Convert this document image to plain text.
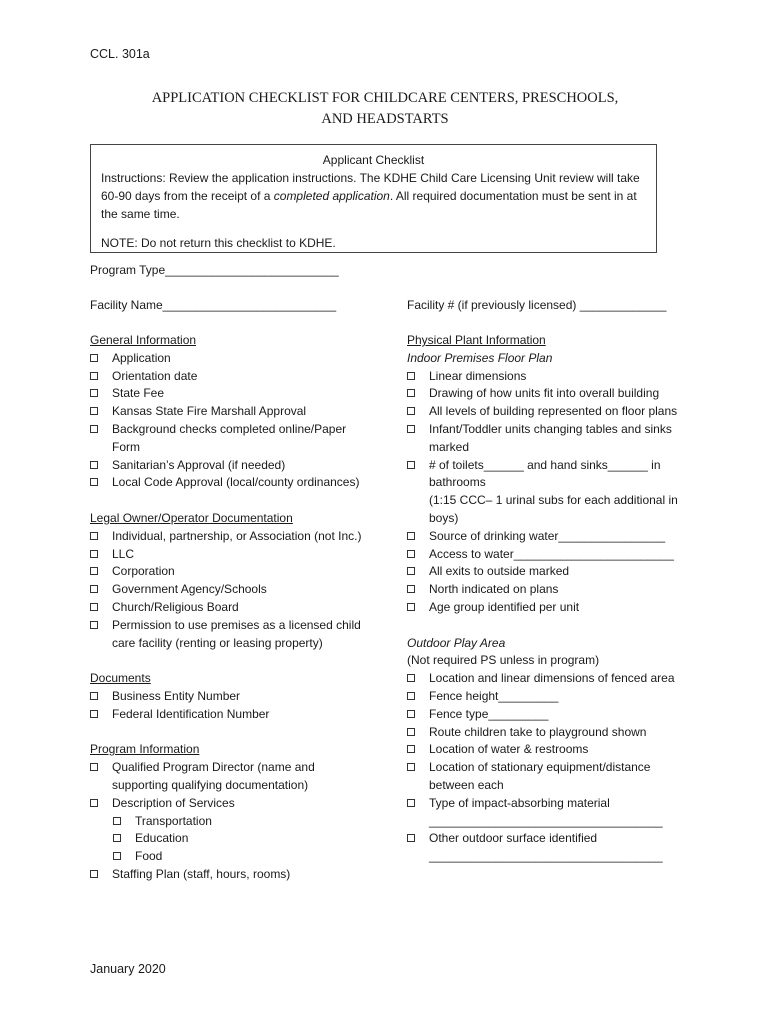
CCL. 301a
APPLICATION CHECKLIST FOR CHILDCARE CENTERS, PRESCHOOLS,
AND HEADSTARTS
Applicant Checklist
Instructions: Review the application instructions. The KDHE Child Care Licensing Unit review will take 60-90 days from the receipt of a completed application. All required documentation must be sent in at the same time.
NOTE: Do not return this checklist to KDHE.
Program Type__________________________
Facility Name__________________________	Facility # (if previously licensed) _____________
General Information
Application
Orientation date
State Fee
Kansas State Fire Marshall Approval
Background checks completed online/Paper Form
Sanitarian’s Approval (if needed)
Local Code Approval (local/county ordinances)
Legal Owner/Operator Documentation
Individual, partnership, or Association (not Inc.)
LLC
Corporation
Government Agency/Schools
Church/Religious Board
Permission to use premises as a licensed child care facility (renting or leasing property)
Documents
Business Entity Number
Federal Identification Number
Program Information
Qualified Program Director (name and supporting qualifying documentation)
Description of Services
Transportation
Education
Food
Staffing Plan (staff, hours, rooms)
Physical Plant Information
Indoor Premises Floor Plan
Linear dimensions
Drawing of how units fit into overall building
All levels of building represented on floor plans
Infant/Toddler units changing tables and sinks marked
# of toilets______ and hand sinks______ in bathrooms
(1:15 CCC– 1 urinal subs for each additional in boys)
Source of drinking water________________
Access to water________________________
All exits to outside marked
North indicated on plans
Age group identified per unit
Outdoor Play Area
(Not required PS unless in program)
Location and linear dimensions of fenced area
Fence height_________
Fence type_________
Route children take to playground shown
Location of water & restrooms
Location of stationary equipment/distance between each
Type of impact-absorbing material
___________________________________
Other outdoor surface identified
___________________________________
January 2020
